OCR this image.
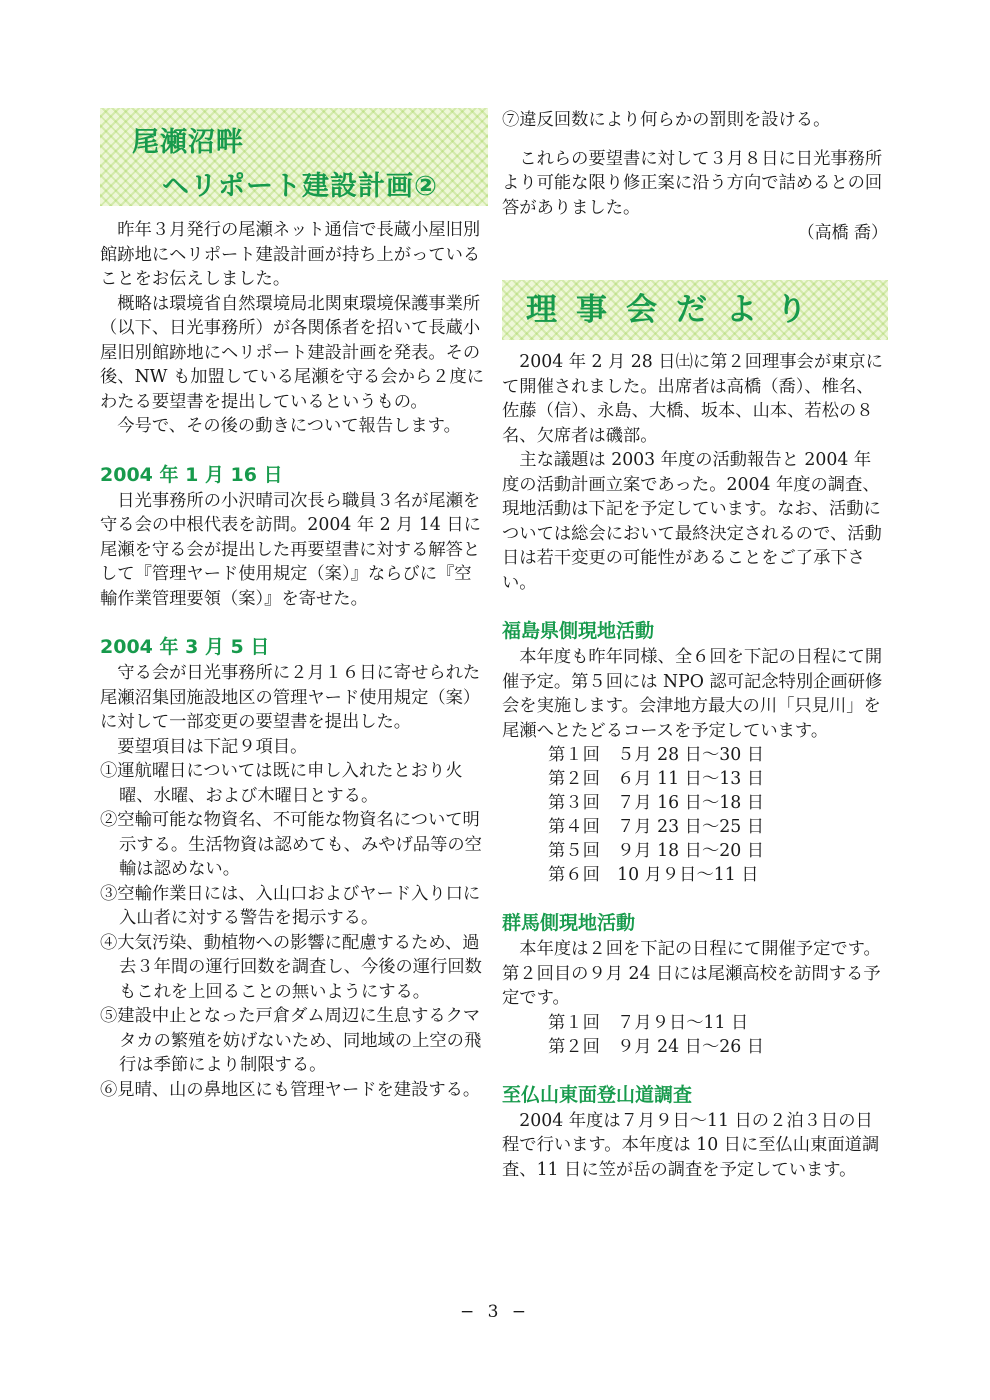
尾瀬沼畔
ヘリポート建設計画②

昨年３月発行の尾瀬ネット通信で長蔵小屋旧別館跡地にヘリポート建設計画が持ち上がっていることをお伝えしました。

概略は環境省自然環境局北関東環境保護事業所（以下、日光事務所）が各関係者を招いて長蔵小屋旧別館跡地にヘリポート建設計画を発表。その後、NW も加盟している尾瀬を守る会から２度にわたる要望書を提出しているというもの。

今号で、その後の動きについて報告します。

2004 年 1 月 16 日

日光事務所の小沢晴司次長ら職員３名が尾瀬を守る会の中根代表を訪問。2004 年 2 月 14 日に尾瀬を守る会が提出した再要望書に対する解答として『管理ヤード使用規定（案）』ならびに『空輸作業管理要領（案）』を寄せた。

2004 年 3 月 5 日

守る会が日光事務所に２月１６日に寄せられた尾瀬沼集団施設地区の管理ヤード使用規定（案）に対して一部変更の要望書を提出した。

要望項目は下記９項目。

①運航曜日については既に申し入れたとおり火曜、水曜、および木曜日とする。
②空輸可能な物資名、不可能な物資名について明示する。生活物資は認めても、みやげ品等の空輸は認めない。
③空輸作業日には、入山口およびヤード入り口に入山者に対する警告を掲示する。
④大気汚染、動植物への影響に配慮するため、過去３年間の運行回数を調査し、今後の運行回数もこれを上回ることの無いようにする。
⑤建設中止となった戸倉ダム周辺に生息するクマタカの繁殖を妨げないため、同地域の上空の飛行は季節により制限する。
⑥見晴、山の鼻地区にも管理ヤードを建設する。
⑦違反回数により何らかの罰則を設ける。

これらの要望書に対して３月８日に日光事務所より可能な限り修正案に沿う方向で詰めるとの回答がありました。

（高橋 喬）

理事会だより

2004 年 2 月 28 日㈯に第２回理事会が東京にて開催されました。出席者は高橋（喬）、椎名、佐藤（信）、永島、大橋、坂本、山本、若松の８名、欠席者は磯部。

主な議題は 2003 年度の活動報告と 2004 年度の活動計画立案であった。2004 年度の調査、現地活動は下記を予定しています。なお、活動については総会において最終決定されるので、活動日は若干変更の可能性があることをご了承下さい。

福島県側現地活動

本年度も昨年同様、全６回を下記の日程にて開催予定。第５回には NPO 認可記念特別企画研修会を実施します。会津地方最大の川「只見川」を尾瀬へとたどるコースを予定しています。

第１回　５月 28 日〜30 日
第２回　６月 11 日〜13 日
第３回　７月 16 日〜18 日
第４回　７月 23 日〜25 日
第５回　９月 18 日〜20 日
第６回　10 月９日〜11 日
群馬側現地活動

本年度は２回を下記の日程にて開催予定です。第２回目の９月 24 日には尾瀬高校を訪問する予定です。

第１回　７月９日〜11 日
第２回　９月 24 日〜26 日
至仏山東面登山道調査

2004 年度は７月９日〜11 日の２泊３日の日程で行います。本年度は 10 日に至仏山東面道調査、11 日に笠が岳の調査を予定しています。

− 3 −
